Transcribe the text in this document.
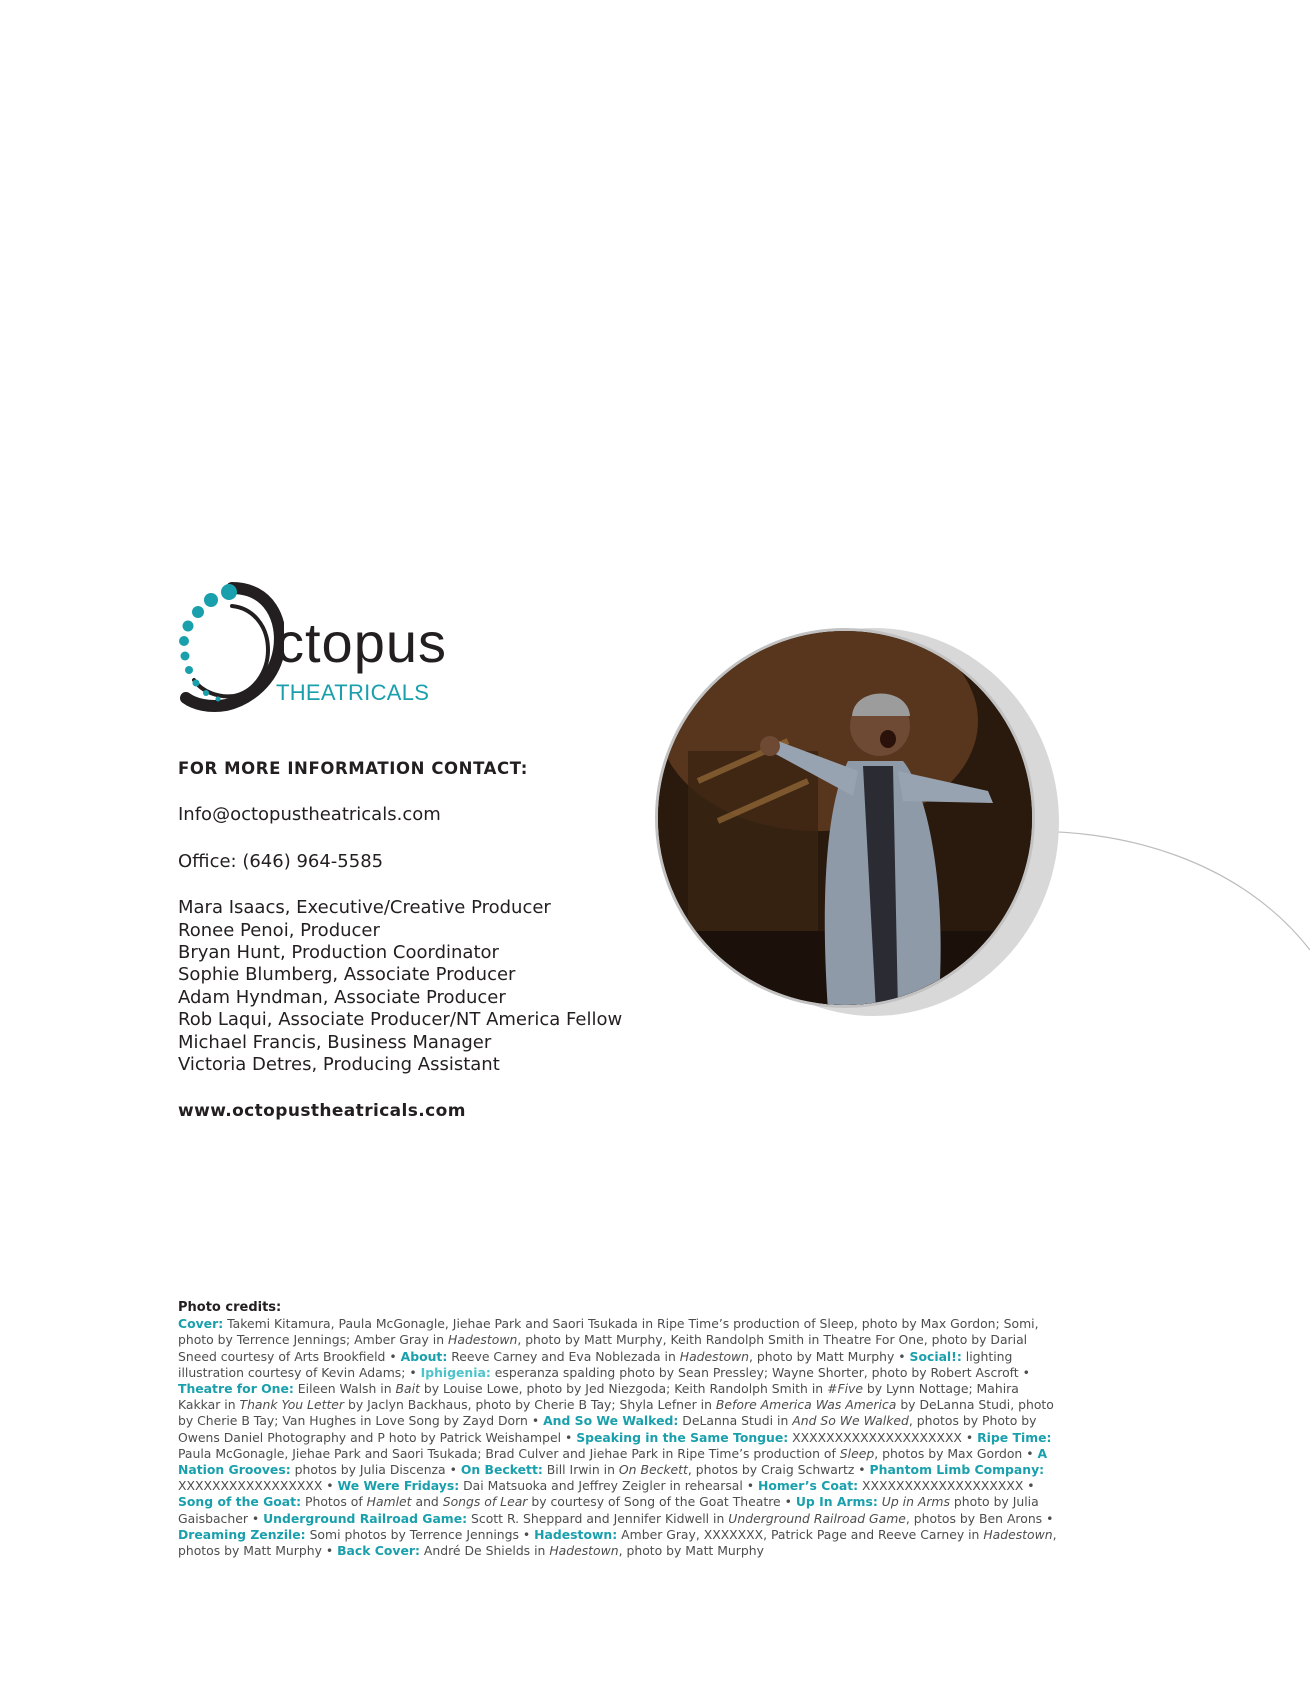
ctopus
THEATRICALS
FOR MORE INFORMATION CONTACT:
Info@octopustheatricals.com
Office: (646) 964-5585
Mara Isaacs, Executive/Creative Producer
Ronee Penoi, Producer
Bryan Hunt, Production Coordinator
Sophie Blumberg, Associate Producer
Adam Hyndman, Associate Producer
Rob Laqui, Associate Producer/NT America Fellow
Michael Francis, Business Manager
Victoria Detres, Producing Assistant
www.octopustheatricals.com
Photo credits:

Cover: Takemi Kitamura, Paula McGonagle, Jiehae Park and Saori Tsukada in Ripe Time’s production of Sleep, photo by Max Gordon; Somi, photo by Terrence Jennings; Amber Gray in Hadestown, photo by Matt Murphy, Keith Randolph Smith in Theatre For One, photo by Darial Sneed courtesy of Arts Brookfield • About: Reeve Carney and Eva Noblezada in Hadestown, photo by Matt Murphy • Social!: lighting illustration courtesy of Kevin Adams; • Iphigenia: esperanza spalding photo by Sean Pressley; Wayne Shorter, photo by Robert Ascroft • Theatre for One: Eileen Walsh in Bait by Louise Lowe, photo by Jed Niezgoda; Keith Randolph Smith in #Five by Lynn Nottage; Mahira Kakkar in Thank You Letter by Jaclyn Backhaus, photo by Cherie B Tay; Shyla Lefner in Before America Was America by DeLanna Studi, photo by Cherie B Tay; Van Hughes in Love Song by Zayd Dorn • And So We Walked: DeLanna Studi in And So We Walked, photos by Photo by Owens Daniel Photography and P hoto by Patrick Weishampel • Speaking in the Same Tongue: XXXXXXXXXXXXXXXXXXXX • Ripe Time: Paula McGonagle, Jiehae Park and Saori Tsukada; Brad Culver and Jiehae Park in Ripe Time’s production of Sleep, photos by Max Gordon • A Nation Grooves: photos by Julia Discenza • On Beckett: Bill Irwin in On Beckett, photos by Craig Schwartz • Phantom Limb Company: XXXXXXXXXXXXXXXXX • We Were Fridays: Dai Matsuoka and Jeffrey Zeigler in rehearsal • Homer’s Coat: XXXXXXXXXXXXXXXXXXX • Song of the Goat: Photos of Hamlet and Songs of Lear by courtesy of Song of the Goat Theatre • Up In Arms: Up in Arms photo by Julia Gaisbacher • Underground Railroad Game: Scott R. Sheppard and Jennifer Kidwell in Underground Railroad Game, photos by Ben Arons • Dreaming Zenzile: Somi photos by Terrence Jennings • Hadestown: Amber Gray, XXXXXXX, Patrick Page and Reeve Carney in Hadestown, photos by Matt Murphy • Back Cover: André De Shields in Hadestown, photo by Matt Murphy
